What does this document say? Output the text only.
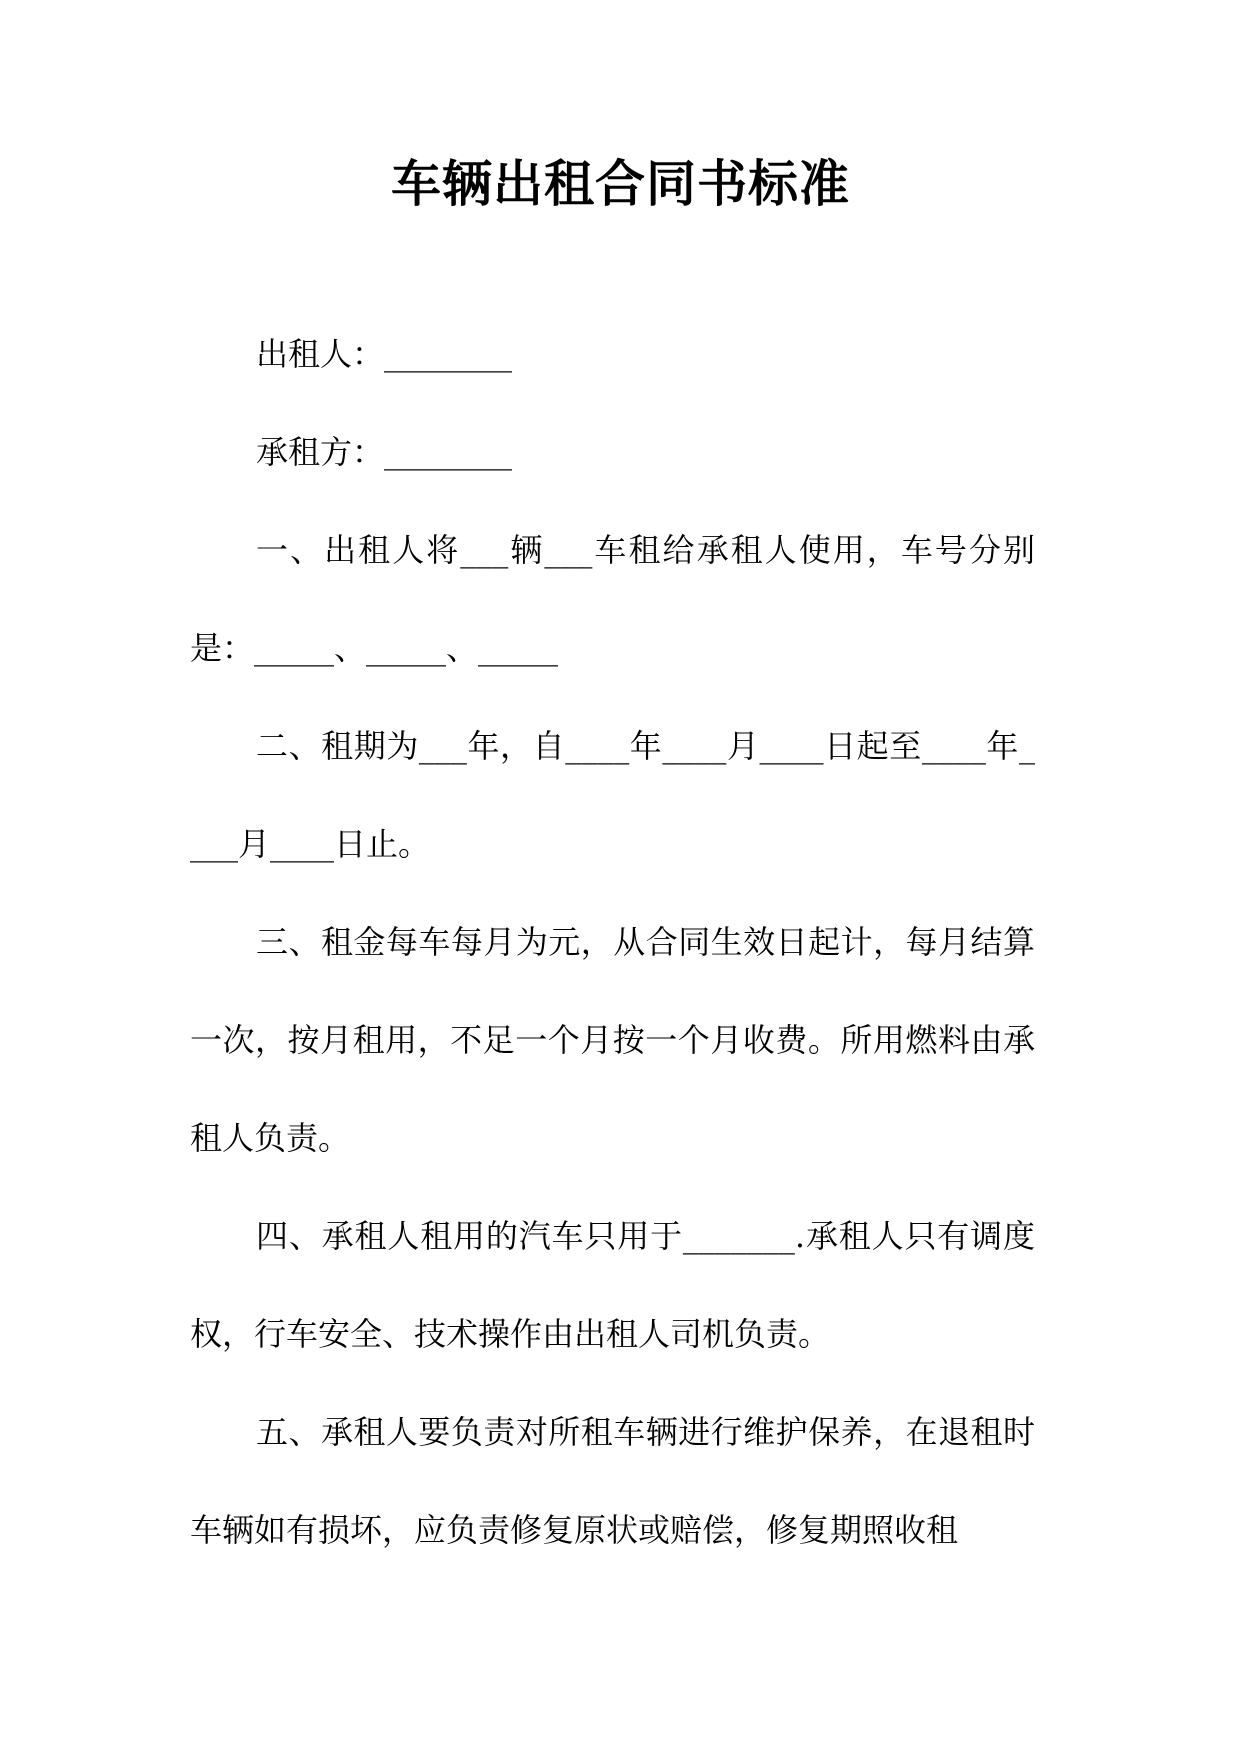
车辆出租合同书标准

出租人：________

承租方：________

一、出租人将___辆___车租给承租人使用，车号分别是：_____、_____、_____

二、租期为___年，自____年____月____日起至____年____月____日止。

三、租金每车每月为元，从合同生效日起计，每月结算一次，按月租用，不足一个月按一个月收费。所用燃料由承租人负责。

四、承租人租用的汽车只用于_______.承租人只有调度权，行车安全、技术操作由出租人司机负责。

五、承租人要负责对所租车辆进行维护保养，在退租时车辆如有损坏，应负责修复原状或赔偿，修复期照收租
